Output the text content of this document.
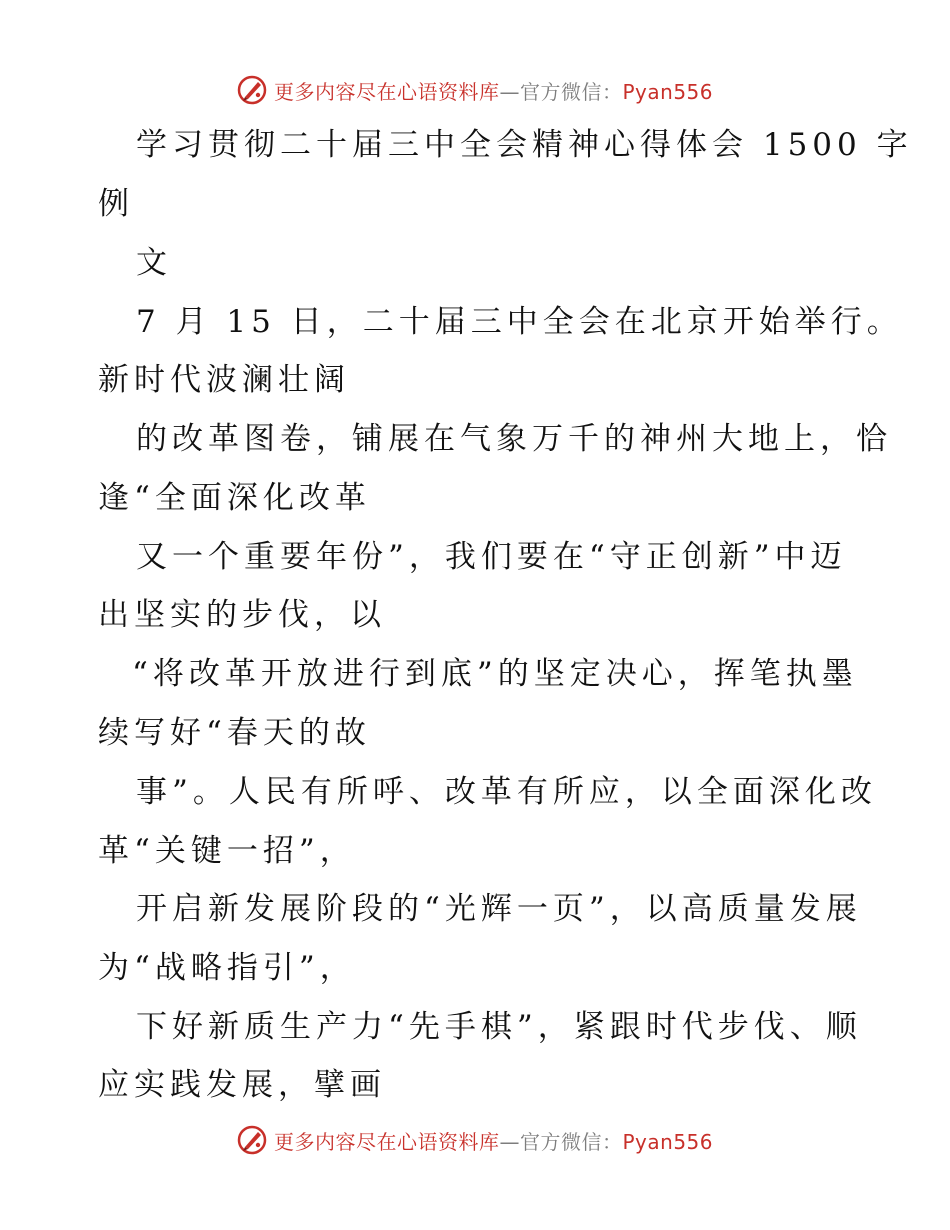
更多内容尽在心语资料库—官方微信：Pyan556
学习贯彻二十届三中全会精神心得体会 1500 字
例
文
7 月 15 日，二十届三中全会在北京开始举行。
新时代波澜壮阔
的改革图卷，铺展在气象万千的神州大地上，恰
逢“全面深化改革
又一个重要年份”，我们要在“守正创新”中迈
出坚实的步伐，以
“将改革开放进行到底”的坚定决心，挥笔执墨
续写好“春天的故
事”。人民有所呼、改革有所应，以全面深化改
革“关键一招”，
开启新发展阶段的“光辉一页”，以高质量发展
为“战略指引”，
下好新质生产力“先手棋”，紧跟时代步伐、顺
应实践发展，擘画
更多内容尽在心语资料库—官方微信：Pyan556
